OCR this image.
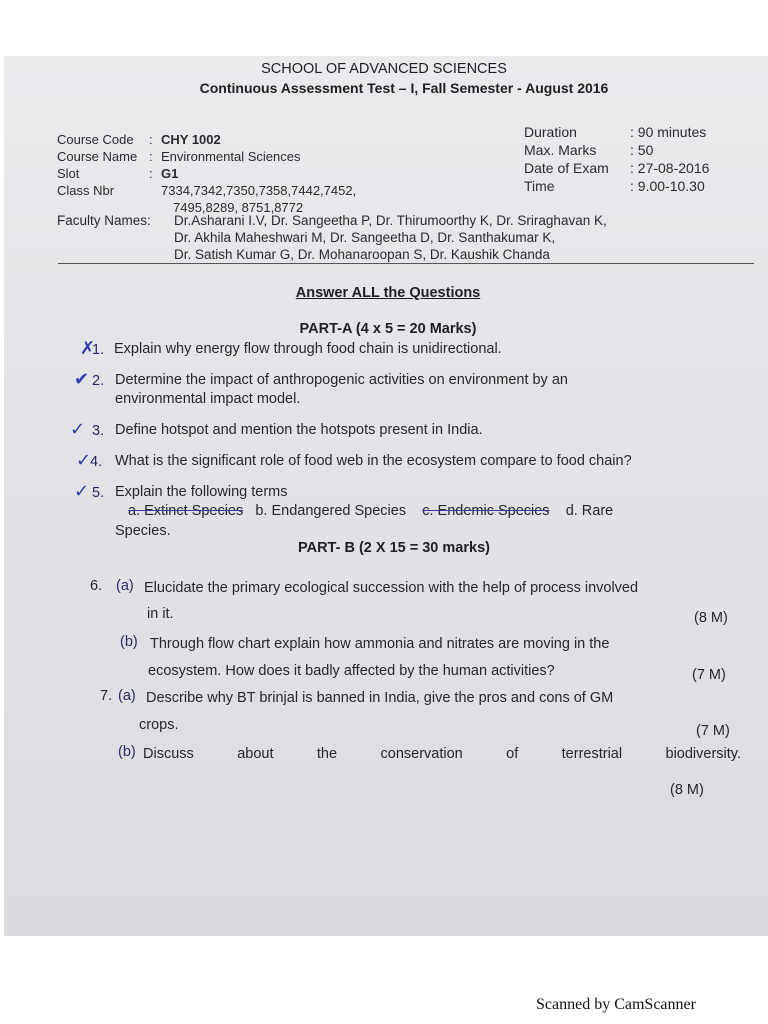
SCHOOL OF ADVANCED SCIENCES
Continuous Assessment Test – I, Fall Semester - August 2016
Course Code : CHY 1002
Course Name : Environmental Sciences
Slot	: G1
Class Nbr	7334,7342,7350,7358,7442,7452,
7495,8289, 8751,8772
Duration	: 90 minutes
Max. Marks : 50
Date of Exam : 27-08-2016
Time	: 9.00-10.30
Faculty Names: Dr.Asharani I.V, Dr. Sangeetha P, Dr. Thirumoorthy K, Dr. Sriraghavan K,
Dr. Akhila Maheshwari M, Dr. Sangeetha D, Dr. Santhakumar K,
Dr. Satish Kumar G, Dr. Mohanaroopan S, Dr. Kaushik Chanda
Answer ALL the Questions
PART-A (4 x 5 = 20 Marks)
✗
1. Explain why energy flow through food chain is unidirectional.
✔ 2. Determine the impact of anthropogenic activities on environment by an
environmental impact model.
✓ 3. Define hotspot and mention the hotspots present in India.
✓
4. What is the significant role of food web in the ecosystem compare to food chain?
✓ 5. Explain the following terms
a. Extinct Species b. Endangered Species c. Endemic Species d. Rare
Species.
PART- B (2 X 15 = 30 marks)
6. (a) Elucidate the primary ecological succession with the help of process involved
in it.	(8 M)
(b) Through flow chart explain how ammonia and nitrates are moving in the
ecosystem. How does it badly affected by the human activities?	(7 M)
7. (a) Describe why BT brinjal is banned in India, give the pros and cons of GM
crops.	(7 M)
(b) Discuss	about	the	conservation	of	terrestrial	biodiversity.
(8 M)
Scanned by CamScanner
